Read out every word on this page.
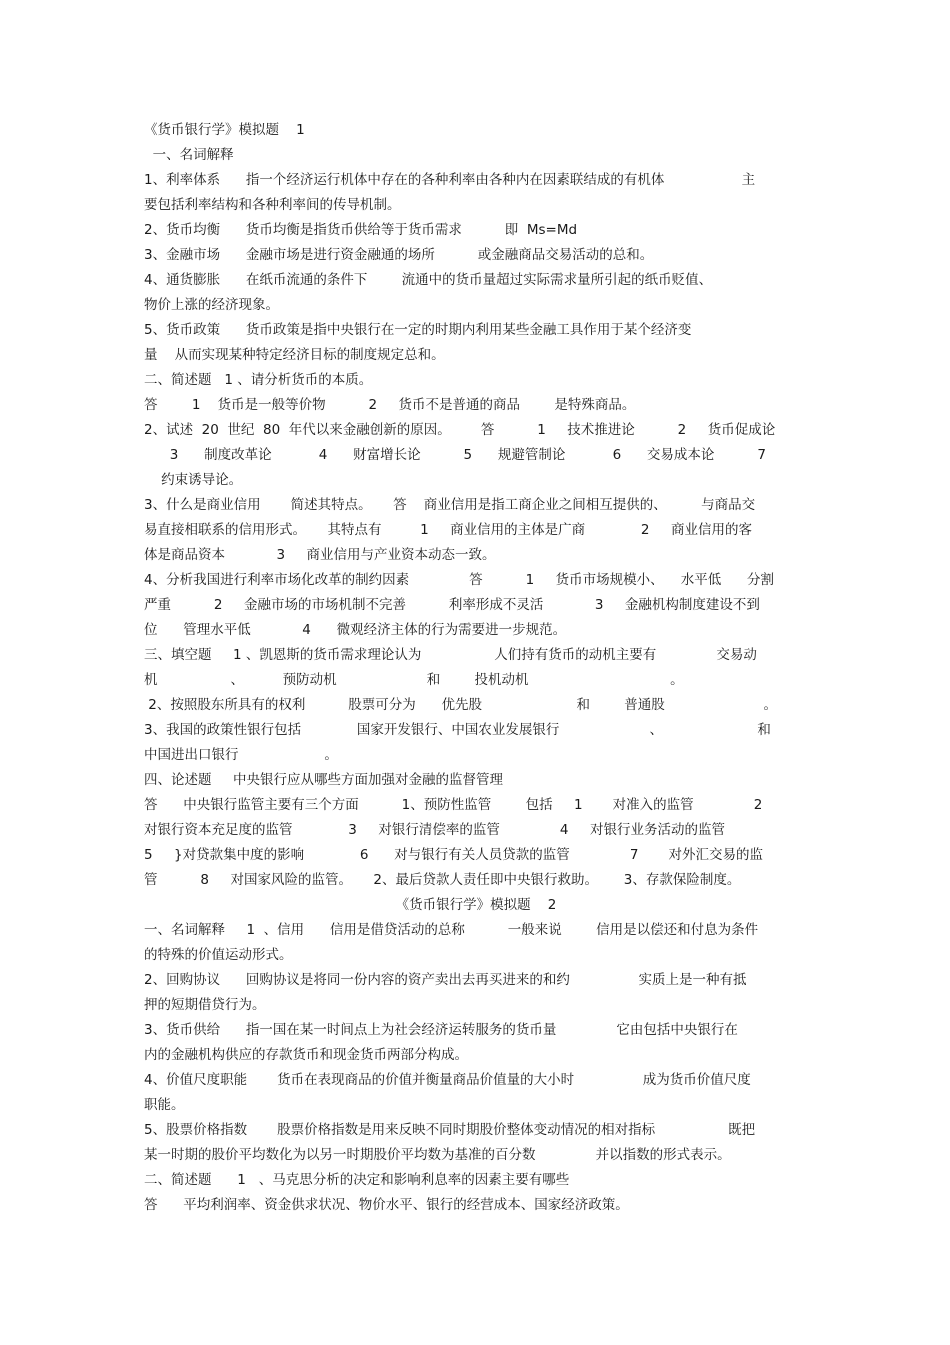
《货币银行学》模拟题    1
一、名词解释
1、利率体系      指一个经济运行机体中存在的各种利率由各种内在因素联结成的有机体                  主
要包括利率结构和各种利率间的传导机制。
2、货币均衡      货币均衡是指货币供给等于货币需求          即  Ms=Md
3、金融市场      金融市场是进行资金融通的场所          或金融商品交易活动的总和。
4、通货膨胀      在纸币流通的条件下        流通中的货币量超过实际需求量所引起的纸币贬值、
物价上涨的经济现象。
5、货币政策      货币政策是指中央银行在一定的时期内利用某些金融工具作用于某个经济变
量    从而实现某种特定经济目标的制度规定总和。
二、简述题   1 、请分析货币的本质。
答        1    货币是一般等价物          2     货币不是普通的商品        是特殊商品。
2、试述  20  世纪  80  年代以来金融创新的原因。       答          1     技术推进论          2     货币促成论
3      制度改革论           4      财富增长论          5      规避管制论           6      交易成本论          7
约束诱导论。
3、什么是商业信用       简述其特点。     答    商业信用是指工商企业之间相互提供的、        与商品交
易直接相联系的信用形式。     其特点有         1     商业信用的主体是广商             2     商业信用的客
体是商品资本            3     商业信用与产业资本动态一致。
4、分析我国进行利率市场化改革的制约因素              答          1     货币市场规模小、    水平低      分割
严重          2     金融市场的市场机制不完善          利率形成不灵活            3     金融机构制度建设不到
位      管理水平低            4      微观经济主体的行为需要进一步规范。
三、填空题     1 、凯恩斯的货币需求理论认为                 人们持有货币的动机主要有              交易动
机                 、         预防动机                     和        投机动机                                 。
2、按照股东所具有的权利          股票可分为      优先股                      和        普通股                       。
3、我国的政策性银行包括             国家开发银行、中国农业发展银行                     、                      和
中国进出口银行                    。
四、论述题     中央银行应从哪些方面加强对金融的监督管理
答      中央银行监管主要有三个方面          1、预防性监管        包括     1       对准入的监管              2
对银行资本充足度的监管             3     对银行清偿率的监管              4     对银行业务活动的监管
5     }对贷款集中度的影响             6      对与银行有关人员贷款的监管              7       对外汇交易的监
管          8     对国家风险的监管。     2、最后贷款人责任即中央银行救助。      3、存款保险制度。
《货币银行学》模拟题    2
一、名词解释     1  、信用      信用是借贷活动的总称          一般来说        信用是以偿还和付息为条件
的特殊的价值运动形式。
2、回购协议      回购协议是将同一份内容的资产卖出去再买进来的和约                实质上是一种有抵
押的短期借贷行为。
3、货币供给      指一国在某一时间点上为社会经济运转服务的货币量              它由包括中央银行在
内的金融机构供应的存款货币和现金货币两部分构成。
4、价值尺度职能       货币在表现商品的价值并衡量商品价值量的大小时                成为货币价值尺度
职能。
5、股票价格指数       股票价格指数是用来反映不同时期股价整体变动情况的相对指标                 既把
某一时期的股价平均数化为以另一时期股价平均数为基准的百分数              并以指数的形式表示。
二、简述题      1   、马克思分析的决定和影响利息率的因素主要有哪些
答      平均利润率、资金供求状况、物价水平、银行的经营成本、国家经济政策。
